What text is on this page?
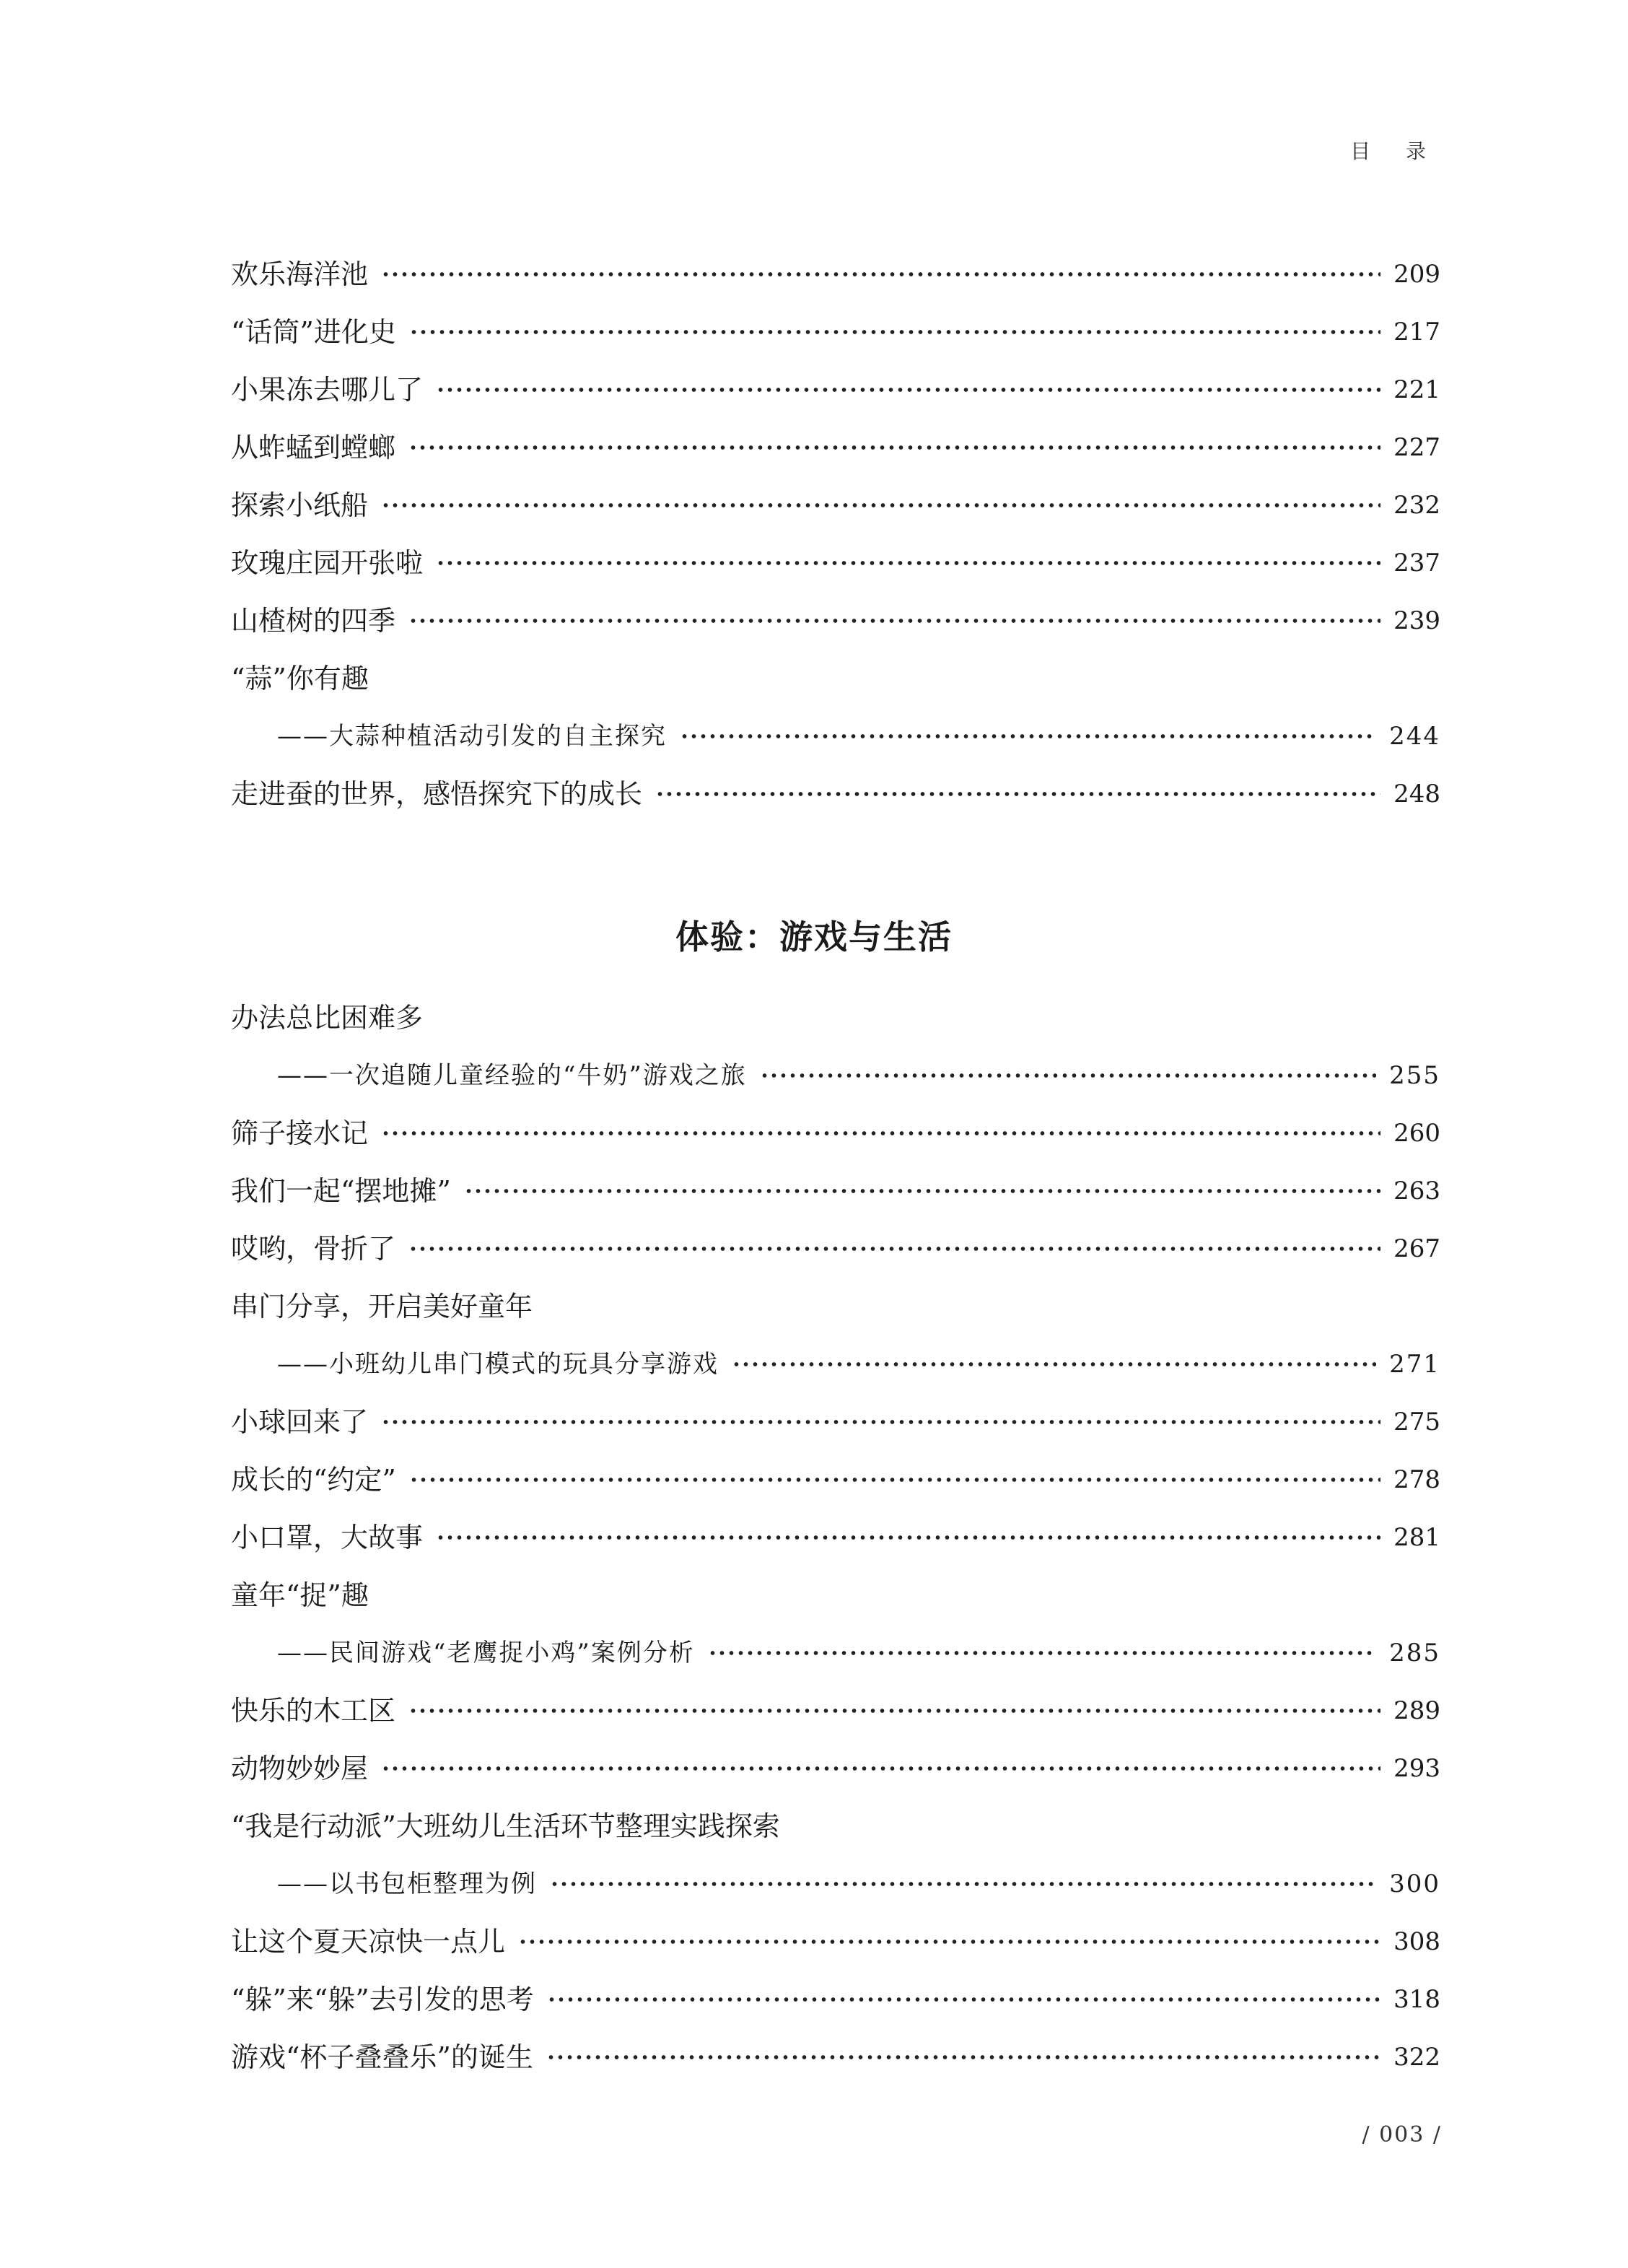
目 录
欢乐海洋池	209
“话筒”进化史	217
小果冻去哪儿了	221
从蚱蜢到螳螂	227
探索小纸船	232
玫瑰庄园开张啦	237
山楂树的四季	239
“蒜”你有趣
——大蒜种植活动引发的自主探究	244
走进蚕的世界，感悟探究下的成长	248
体验：游戏与生活
办法总比困难多
——一次追随儿童经验的“牛奶”游戏之旅	255
筛子接水记	260
我们一起“摆地摊”	263
哎哟，骨折了	267
串门分享，开启美好童年
——小班幼儿串门模式的玩具分享游戏	271
小球回来了	275
成长的“约定”	278
小口罩，大故事	281
童年“捉”趣
——民间游戏“老鹰捉小鸡”案例分析	285
快乐的木工区	289
动物妙妙屋	293
“我是行动派”大班幼儿生活环节整理实践探索
——以书包柜整理为例	300
让这个夏天凉快一点儿	308
“躲”来“躲”去引发的思考	318
游戏“杯子叠叠乐”的诞生	322
/ 003 /
